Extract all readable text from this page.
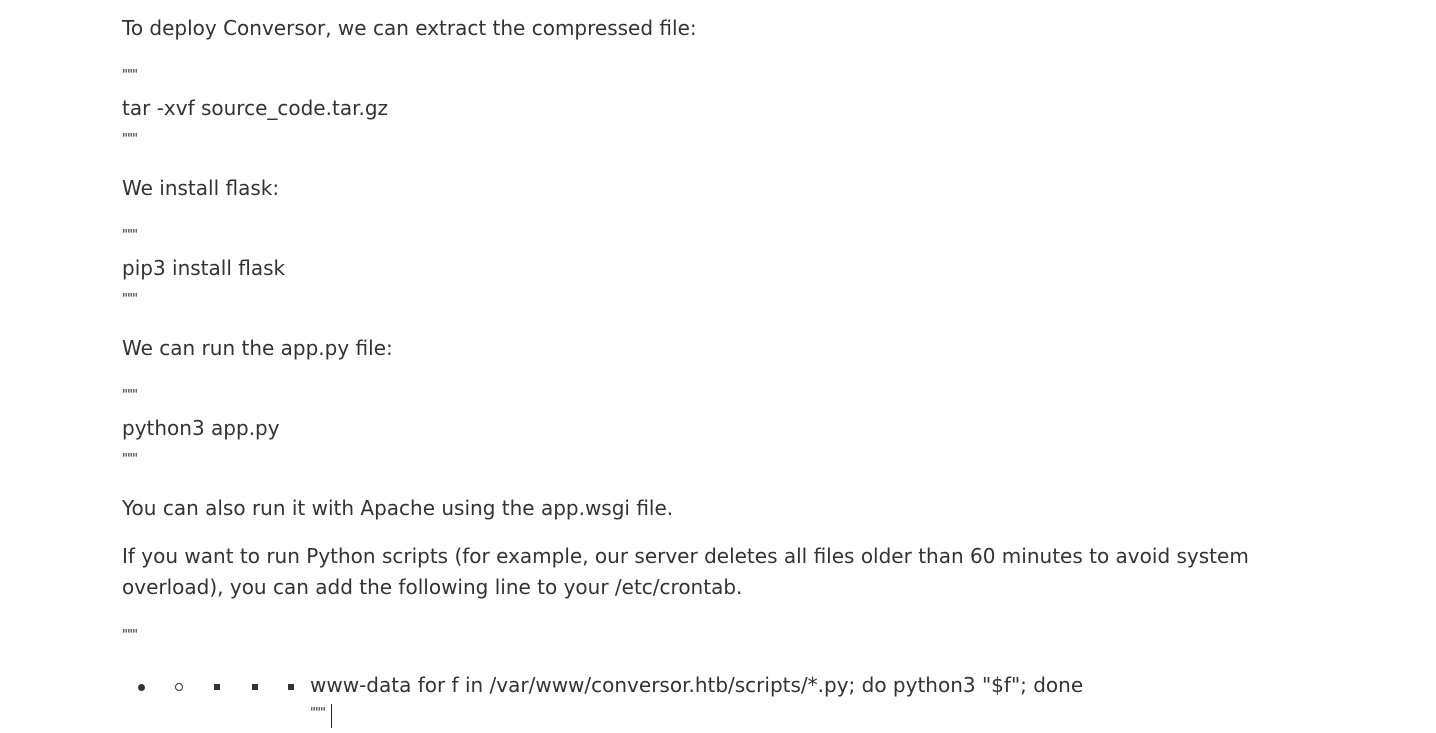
To deploy Conversor, we can extract the compressed file:
"""
tar -xvf source_code.tar.gz
"""
We install flask:
"""
pip3 install flask
"""
We can run the app.py file:
"""
python3 app.py
"""
You can also run it with Apache using the app.wsgi file.
If you want to run Python scripts (for example, our server deletes all files older than 60 minutes to avoid system overload), you can add the following line to your /etc/crontab.
"""
www-data for f in /var/www/conversor.htb/scripts/*.py; do python3 "$f"; done
"""
